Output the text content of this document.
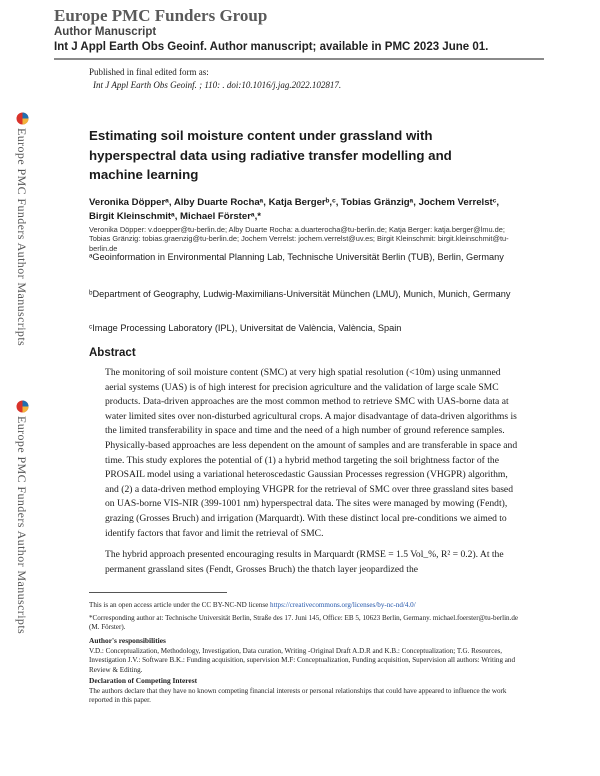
Europe PMC Funders Group
Author Manuscript
Int J Appl Earth Obs Geoinf. Author manuscript; available in PMC 2023 June 01.
Published in final edited form as:
Int J Appl Earth Obs Geoinf. ; 110: . doi:10.1016/j.jag.2022.102817.
Estimating soil moisture content under grassland with hyperspectral data using radiative transfer modelling and machine learning
Veronika Döpperᵃ, Alby Duarte Rochaᵃ, Katja Bergerᵇ,ᶜ, Tobias Gränzigᵃ, Jochem Verrelstᶜ, Birgit Kleinschmitᵃ, Michael Försterᵃ,*
Veronika Döpper: v.doepper@tu-berlin.de; Alby Duarte Rocha: a.duarterocha@tu-berlin.de; Katja Berger: katja.berger@lmu.de; Tobias Gränzig: tobias.graenzig@tu-berlin.de; Jochem Verrelst: jochem.verrelst@uv.es; Birgit Kleinschmit: birgit.kleinschmit@tu-berlin.de
ᵃGeoinformation in Environmental Planning Lab, Technische Universität Berlin (TUB), Berlin, Germany
ᵇDepartment of Geography, Ludwig-Maximilians-Universität München (LMU), Munich, Munich, Germany
ᶜImage Processing Laboratory (IPL), Universitat de València, València, Spain
Abstract

The monitoring of soil moisture content (SMC) at very high spatial resolution (<10m) using unmanned aerial systems (UAS) is of high interest for precision agriculture and the validation of large scale SMC products. Data-driven approaches are the most common method to retrieve SMC with UAS-borne data at water limited sites over non-disturbed agricultural crops. A major disadvantage of data-driven algorithms is the limited transferability in space and time and the need of a high number of ground reference samples. Physically-based approaches are less dependent on the amount of samples and are transferable in space and time. This study explores the potential of (1) a hybrid method targeting the soil brightness factor of the PROSAIL model using a variational heteroscedastic Gaussian Processes regression (VHGPR) algorithm, and (2) a data-driven method employing VHGPR for the retrieval of SMC over three grassland sites based on UAS-borne VIS-NIR (399-1001 nm) hyperspectral data. The sites were managed by mowing (Fendt), grazing (Grosses Bruch) and irrigation (Marquardt). With these distinct local pre-conditions we aimed to identify factors that favor and limit the retrieval of SMC.

The hybrid approach presented encouraging results in Marquardt (RMSE = 1.5 Vol_%, R² = 0.2). At the permanent grassland sites (Fendt, Grosses Bruch) the thatch layer jeopardized the

This is an open access article under the CC BY-NC-ND license https://creativecommons.org/licenses/by-nc-nd/4.0/
*Corresponding author at: Technische Universität Berlin, Straße des 17. Juni 145, Office: EB 5, 10623 Berlin, Germany. michael.foerster@tu-berlin.de (M. Förster).
Author's responsibilities
V.D.: Conceptualization, Methodology, Investigation, Data curation, Writing -Original Draft A.D.R and K.B.: Conceptualization; T.G. Resources, Investigation J.V.: Software B.K.: Funding acquisition, supervision M.F: Conceptualization, Funding acquisition, Supervision all authors: Writing and Review & Editing.
Declaration of Competing Interest
The authors declare that they have no known competing financial interests or personal relationships that could have appeared to influence the work reported in this paper.
Europe PMC Funders Author Manuscripts
Europe PMC Funders Author Manuscripts
